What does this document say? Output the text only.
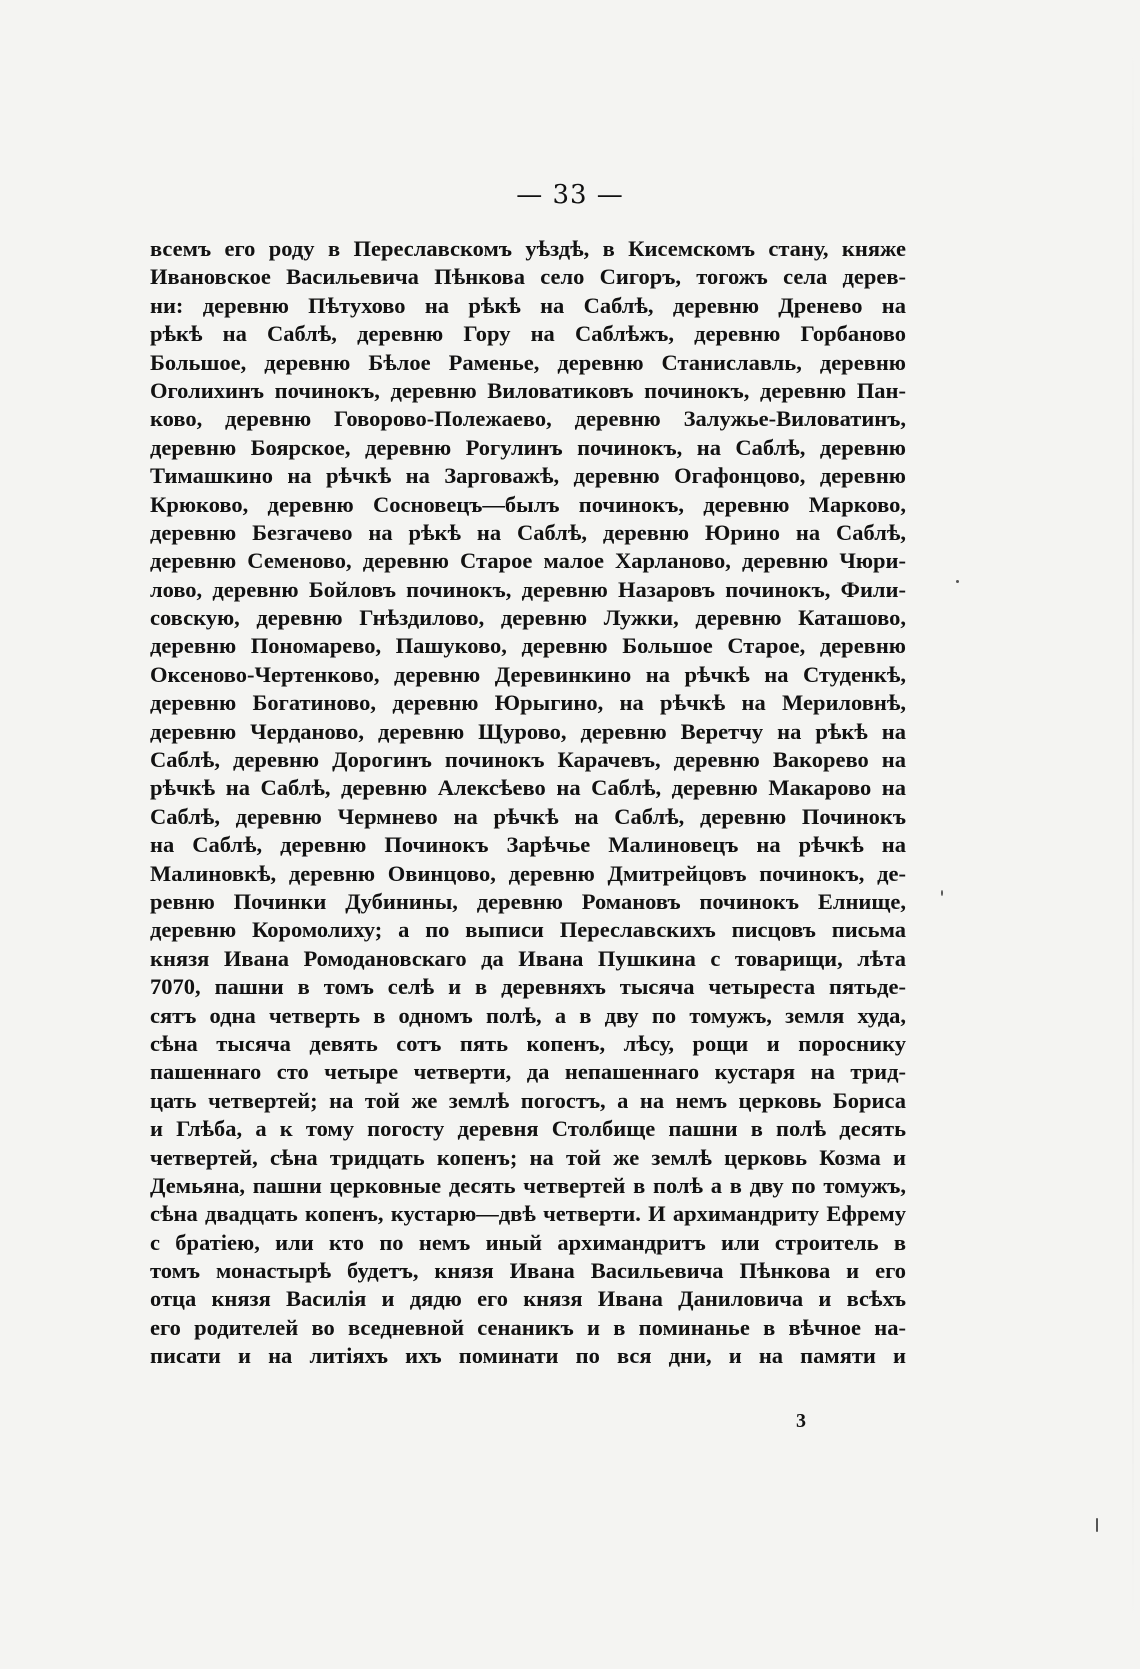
— 33 —
всемъ его роду в Переславскомъ уѣздѣ, в Кисемскомъ стану, княже
Ивановское Васильевича Пѣнкова село Сигоръ, тогожъ села дерев-
ни: деревню Пѣтухово на рѣкѣ на Саблѣ, деревню Дренево на
рѣкѣ на Саблѣ, деревню Гору на Саблѣжъ, деревню Горбаново
Большое, деревню Бѣлое Раменье, деревню Станиславль, деревню
Оголихинъ починокъ, деревню Виловатиковъ починокъ, деревню Пан-
ково, деревню Говорово-Полежаево, деревню Залужье-Виловатинъ,
деревню Боярское, деревню Рогулинъ починокъ, на Саблѣ, деревню
Тимашкино на рѣчкѣ на Зарговажѣ, деревню Огафонцово, деревню
Крюково, деревню Сосновецъ—былъ починокъ, деревню Марково,
деревню Безгачево на рѣкѣ на Саблѣ, деревню Юрино на Саблѣ,
деревню Семеново, деревню Старое малое Харланово, деревню Чюри-
лово, деревню Бойловъ починокъ, деревню Назаровъ починокъ, Фили-
совскую, деревню Гнѣздилово, деревню Лужки, деревню Каташово,
деревню Пономарево, Пашуково, деревню Большое Старое, деревню
Оксеново-Чертенково, деревню Деревинкино на рѣчкѣ на Студенкѣ,
деревню Богатиново, деревню Юрыгино, на рѣчкѣ на Мериловнѣ,
деревню Черданово, деревню Щурово, деревню Веретчу на рѣкѣ на
Саблѣ, деревню Дорогинъ починокъ Карачевъ, деревню Вакорево на
рѣчкѣ на Саблѣ, деревню Алексѣево на Саблѣ, деревню Макарово на
Саблѣ, деревню Чермнево на рѣчкѣ на Саблѣ, деревню Починокъ
на Саблѣ, деревню Починокъ Зарѣчье Малиновецъ на рѣчкѣ на
Малиновкѣ, деревню Овинцово, деревню Дмитрейцовъ починокъ, де-
ревню Починки Дубинины, деревню Романовъ починокъ Елнище,
деревню Коромолиху; а по выписи Переславскихъ писцовъ письма
князя Ивана Ромодановскаго да Ивана Пушкина с товарищи, лѣта
7070, пашни в томъ селѣ и в деревняхъ тысяча четыреста пятьде-
сятъ одна четверть в одномъ полѣ, а в дву по томужъ, земля худа,
сѣна тысяча девять сотъ пять копенъ, лѣсу, рощи и пороснику
пашеннаго сто четыре четверти, да непашеннаго кустаря на трид-
цать четвертей; на той же землѣ погостъ, а на немъ церковь Бориса
и Глѣба, а к тому погосту деревня Столбище пашни в полѣ десять
четвертей, сѣна тридцать копенъ; на той же землѣ церковь Козма и
Демьяна, пашни церковные десять четвертей в полѣ а в дву по томужъ,
сѣна двадцать копенъ, кустарю—двѣ четверти. И архимандриту Ефрему
с братіею, или кто по немъ иный архимандритъ или строитель в
томъ монастырѣ будетъ, князя Ивана Васильевича Пѣнкова и его
отца князя Василія и дядю его князя Ивана Даниловича и всѣхъ
его родителей во вседневной сенаникъ и в поминанье в вѣчное на-
писати и на литіяхъ ихъ поминати по вся дни, и на памяти и
3
